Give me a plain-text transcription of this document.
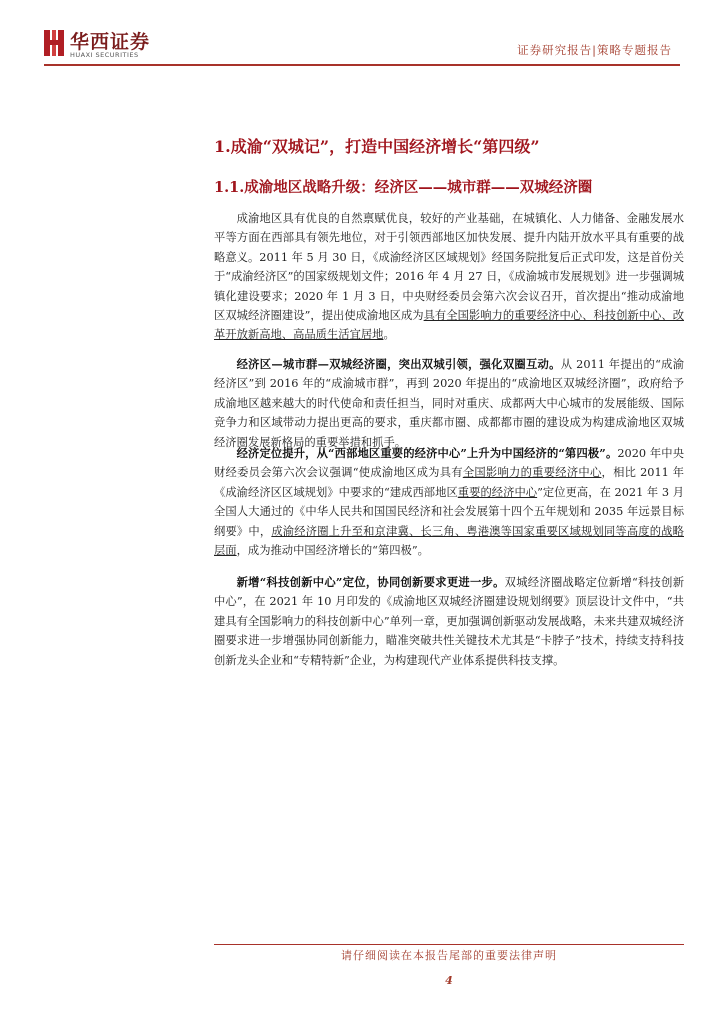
华西证券
HUAXI SECURITIES	证券研究报告|策略专题报告
1.成渝“双城记”，打造中国经济增长“第四级”
1.1.成渝地区战略升级：经济区——城市群——双城经济圈
成渝地区具有优良的自然禀赋优良，较好的产业基础，在城镇化、人力储备、金融发展水平等方面在西部具有领先地位，对于引领西部地区加快发展、提升内陆开放水平具有重要的战略意义。2011 年 5 月 30 日，《成渝经济区区域规划》经国务院批复后正式印发，这是首份关于“成渝经济区”的国家级规划文件；2016 年 4 月 27 日，《成渝城市发展规划》进一步强调城镇化建设要求；2020 年 1 月 3 日，中央财经委员会第六次会议召开，首次提出“推动成渝地区双城经济圈建设”，提出使成渝地区成为具有全国影响力的重要经济中心、科技创新中心、改革开放新高地、高品质生活宜居地。
经济区—城市群—双城经济圈，突出双城引领，强化双圈互动。从 2011 年提出的“成渝经济区”到 2016 年的“成渝城市群”，再到 2020 年提出的“成渝地区双城经济圈”，政府给予成渝地区越来越大的时代使命和责任担当，同时对重庆、成都两大中心城市的发展能级、国际竞争力和区域带动力提出更高的要求，重庆都市圈、成都都市圈的建设成为构建成渝地区双城经济圈发展新格局的重要举措和抓手。
经济定位提升，从“西部地区重要的经济中心”上升为中国经济的“第四极”。2020 年中央财经委员会第六次会议强调“使成渝地区成为具有全国影响力的重要经济中心，相比 2011 年《成渝经济区区域规划》中要求的“建成西部地区重要的经济中心”定位更高，在 2021 年 3 月全国人大通过的《中华人民共和国国民经济和社会发展第十四个五年规划和 2035 年远景目标纲要》中，成渝经济圈上升至和京津冀、长三角、粤港澳等国家重要区域规划同等高度的战略层面，成为推动中国经济增长的“第四极”。
新增“科技创新中心”定位，协同创新要求更进一步。双城经济圈战略定位新增“科技创新中心”，在 2021 年 10 月印发的《成渝地区双城经济圈建设规划纲要》顶层设计文件中，“共建具有全国影响力的科技创新中心”单列一章，更加强调创新驱动发展战略，未来共建双城经济圈要求进一步增强协同创新能力，瞄准突破共性关键技术尤其是“卡脖子”技术，持续支持科技创新龙头企业和“专精特新”企业，为构建现代产业体系提供科技支撑。
请仔细阅读在本报告尾部的重要法律声明
4
